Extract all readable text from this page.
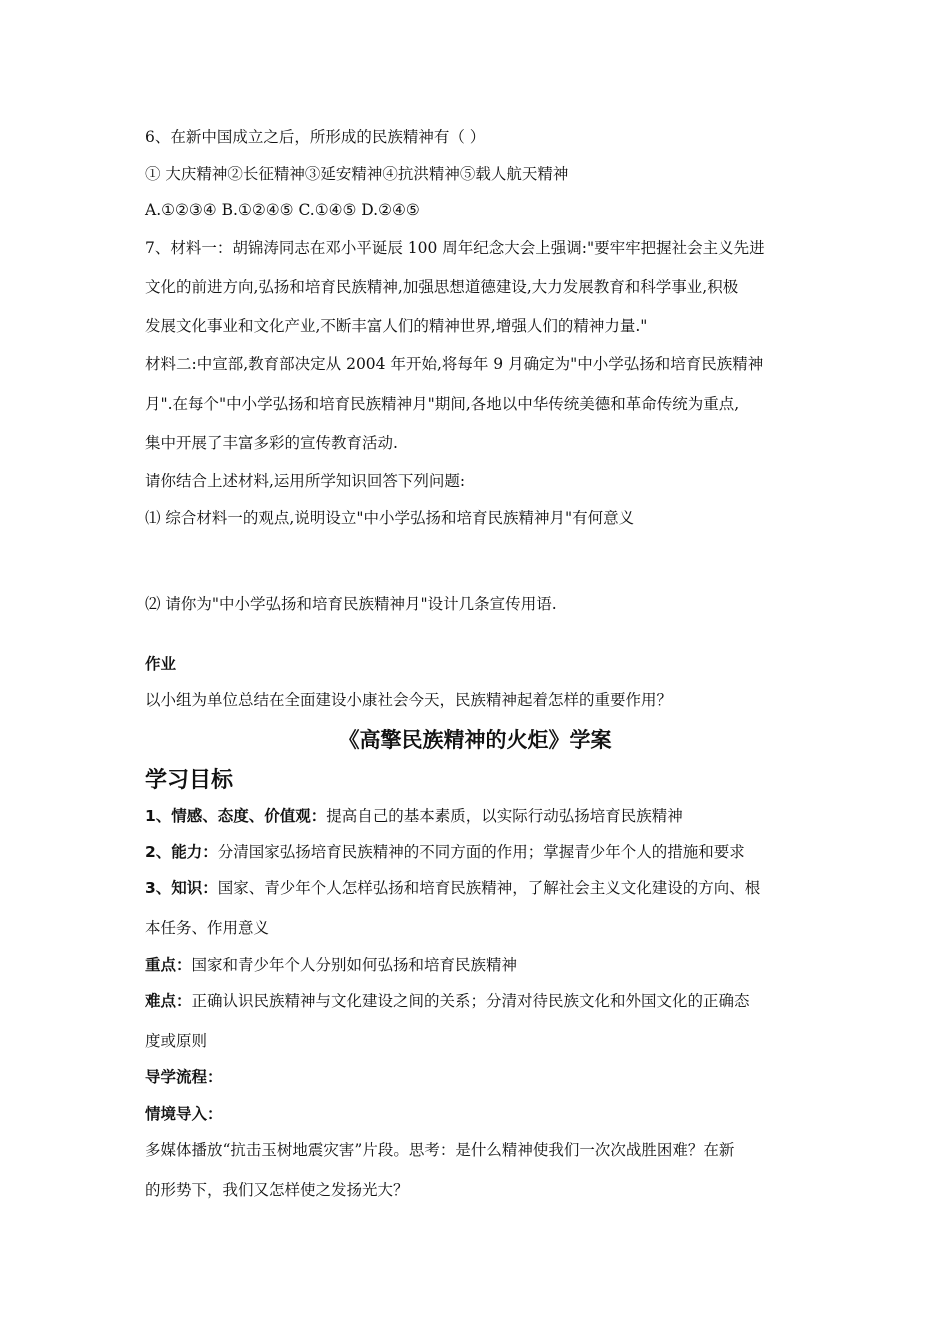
6、在新中国成立之后，所形成的民族精神有（ ）
① 大庆精神②长征精神③延安精神④抗洪精神⑤载人航天精神
A.①②③④ B.①②④⑤ C.①④⑤ D.②④⑤
7、材料一：胡锦涛同志在邓小平诞辰 100 周年纪念大会上强调:"要牢牢把握社会主义先进
文化的前进方向,弘扬和培育民族精神,加强思想道德建设,大力发展教育和科学事业,积极
发展文化事业和文化产业,不断丰富人们的精神世界,增强人们的精神力量."
材料二:中宣部,教育部决定从 2004 年开始,将每年 9 月确定为"中小学弘扬和培育民族精神
月".在每个"中小学弘扬和培育民族精神月"期间,各地以中华传统美德和革命传统为重点,
集中开展了丰富多彩的宣传教育活动.
请你结合上述材料,运用所学知识回答下列问题:
⑴ 综合材料一的观点,说明设立"中小学弘扬和培育民族精神月"有何意义
⑵ 请你为"中小学弘扬和培育民族精神月"设计几条宣传用语.
作业
以小组为单位总结在全面建设小康社会今天，民族精神起着怎样的重要作用？
《高擎民族精神的火炬》学案
学习目标
1、情感、态度、价值观：提高自己的基本素质，以实际行动弘扬培育民族精神
2、能力：分清国家弘扬培育民族精神的不同方面的作用；掌握青少年个人的措施和要求
3、知识：国家、青少年个人怎样弘扬和培育民族精神，了解社会主义文化建设的方向、根
本任务、作用意义
重点：国家和青少年个人分别如何弘扬和培育民族精神
难点：正确认识民族精神与文化建设之间的关系；分清对待民族文化和外国文化的正确态
度或原则
导学流程：
情境导入：
多媒体播放“抗击玉树地震灾害”片段。思考：是什么精神使我们一次次战胜困难？在新
的形势下，我们又怎样使之发扬光大？
